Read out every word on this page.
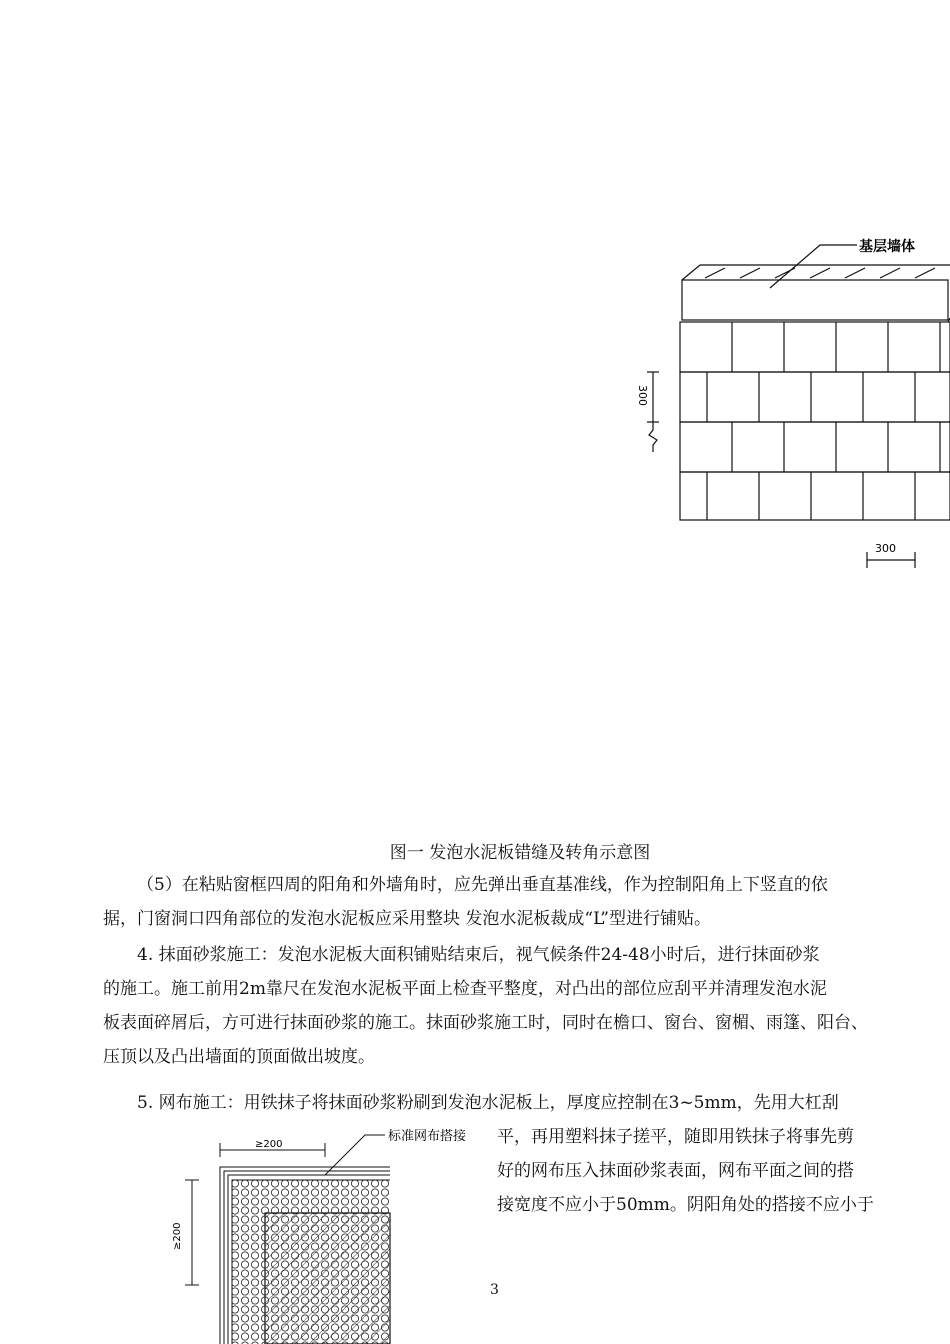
基层墙体
300
300
图一 发泡水泥板错缝及转角示意图
（5）在粘贴窗框四周的阳角和外墙角时，应先弹出垂直基准线，作为控制阳角上下竖直的依
据，门窗洞口四角部位的发泡水泥板应采用整块 发泡水泥板裁成“L”型进行铺贴。
4. 抹面砂浆施工：发泡水泥板大面积铺贴结束后，视气候条件24-48小时后，进行抹面砂浆
的施工。施工前用2m靠尺在发泡水泥板平面上检查平整度，对凸出的部位应刮平并清理发泡水泥
板表面碎屑后，方可进行抹面砂浆的施工。抹面砂浆施工时，同时在檐口、窗台、窗楣、雨篷、阳台、
压顶以及凸出墙面的顶面做出坡度。
5. 网布施工：用铁抹子将抹面砂浆粉刷到发泡水泥板上，厚度应控制在3~5mm，先用大杠刮
平，再用塑料抹子搓平，随即用铁抹子将事先剪
好的网布压入抹面砂浆表面，网布平面之间的搭
接宽度不应小于50mm。阴阳角处的搭接不应小于
标准网布搭接
≥200
≥200
3
